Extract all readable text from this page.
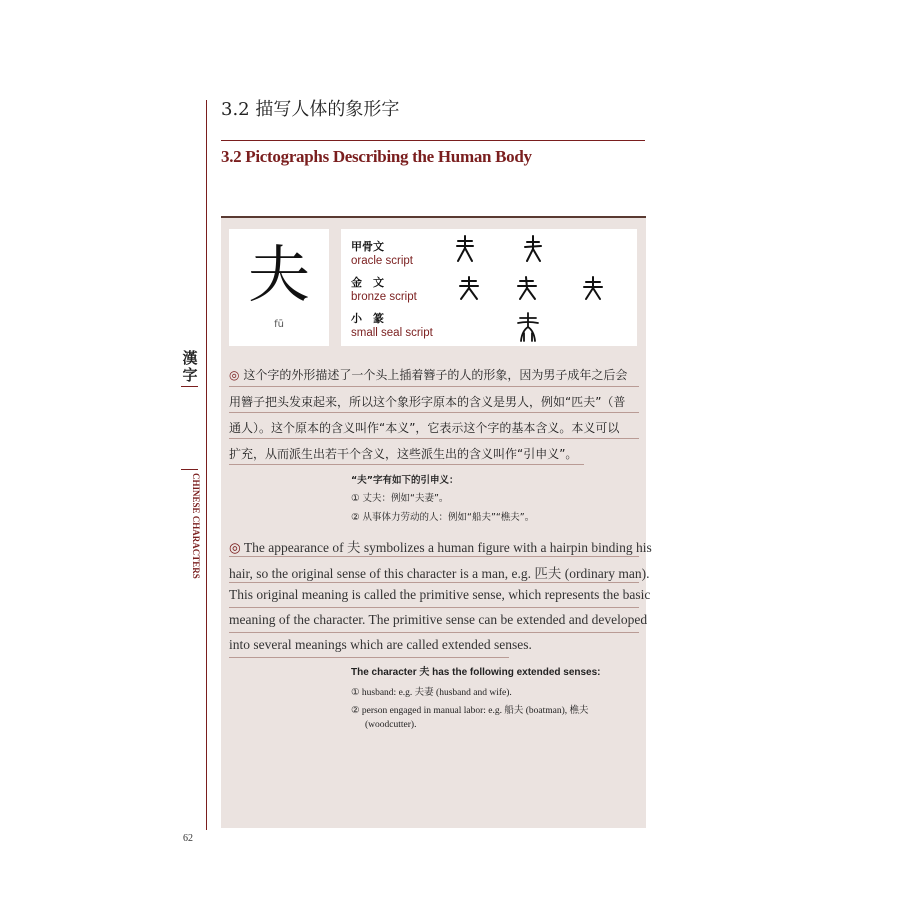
漢字
CHINESE CHARACTERS
62
3.2 描写人体的象形字
3.2 Pictographs Describing the Human Body
夫
fū
甲骨文
oracle script
金　文
bronze script
小　篆
small seal script
◎ 这个字的外形描述了一个头上插着簪子的人的形象，因为男子成年之后会
用簪子把头发束起来，所以这个象形字原本的含义是男人，例如“匹夫”（普
通人）。这个原本的含义叫作“本义”，它表示这个字的基本含义。本义可以
扩充，从而派生出若干个含义，这些派生出的含义叫作“引申义”。
“夫”字有如下的引申义：
① 丈夫：例如“夫妻”。
② 从事体力劳动的人：例如“船夫”“樵夫”。
◎ The appearance of 夫 symbolizes a human figure with a hairpin binding his
hair, so the original sense of this character is a man, e.g. 匹夫 (ordinary man).
This original meaning is called the primitive sense, which represents the basic
meaning of the character. The primitive sense can be extended and developed
into several meanings which are called extended senses.
The character 夫 has the following extended senses:
① husband: e.g. 夫妻 (husband and wife).
② person engaged in manual labor: e.g. 船夫 (boatman), 樵夫
(woodcutter).
